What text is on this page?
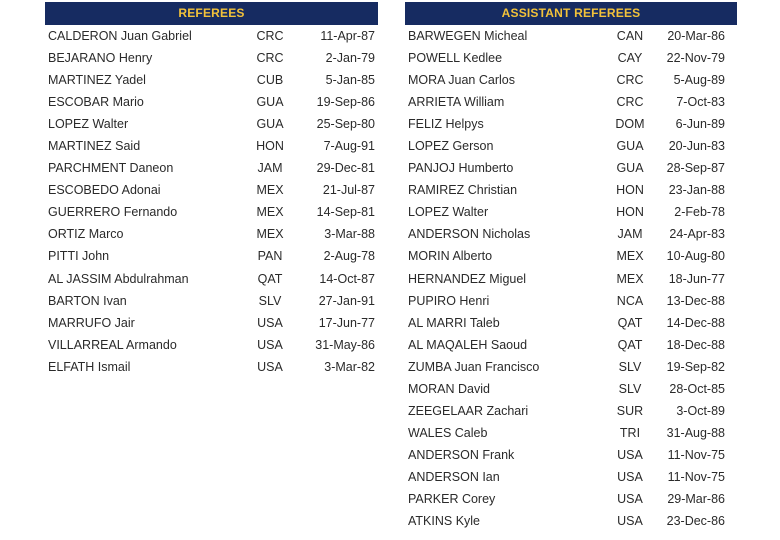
REFEREES
CALDERON Juan Gabriel	CRC	11-Apr-87
BEJARANO Henry	CRC	2-Jan-79
MARTINEZ Yadel	CUB	5-Jan-85
ESCOBAR Mario	GUA	19-Sep-86
LOPEZ Walter	GUA	25-Sep-80
MARTINEZ Said	HON	7-Aug-91
PARCHMENT Daneon	JAM	29-Dec-81
ESCOBEDO Adonai	MEX	21-Jul-87
GUERRERO Fernando	MEX	14-Sep-81
ORTIZ Marco	MEX	3-Mar-88
PITTI John	PAN	2-Aug-78
AL JASSIM Abdulrahman	QAT	14-Oct-87
BARTON Ivan	SLV	27-Jan-91
MARRUFO Jair	USA	17-Jun-77
VILLARREAL Armando	USA	31-May-86
ELFATH Ismail	USA	3-Mar-82
ASSISTANT REFEREES
BARWEGEN Micheal	CAN	20-Mar-86
POWELL Kedlee	CAY	22-Nov-79
MORA Juan Carlos	CRC	5-Aug-89
ARRIETA William	CRC	7-Oct-83
FELIZ Helpys	DOM	6-Jun-89
LOPEZ Gerson	GUA	20-Jun-83
PANJOJ Humberto	GUA	28-Sep-87
RAMIREZ Christian	HON	23-Jan-88
LOPEZ Walter	HON	2-Feb-78
ANDERSON Nicholas	JAM	24-Apr-83
MORIN Alberto	MEX	10-Aug-80
HERNANDEZ Miguel	MEX	18-Jun-77
PUPIRO Henri	NCA	13-Dec-88
AL MARRI Taleb	QAT	14-Dec-88
AL MAQALEH Saoud	QAT	18-Dec-88
ZUMBA Juan Francisco	SLV	19-Sep-82
MORAN David	SLV	28-Oct-85
ZEEGELAAR Zachari	SUR	3-Oct-89
WALES Caleb	TRI	31-Aug-88
ANDERSON Frank	USA	11-Nov-75
ANDERSON Ian	USA	11-Nov-75
PARKER Corey	USA	29-Mar-86
ATKINS Kyle	USA	23-Dec-86
